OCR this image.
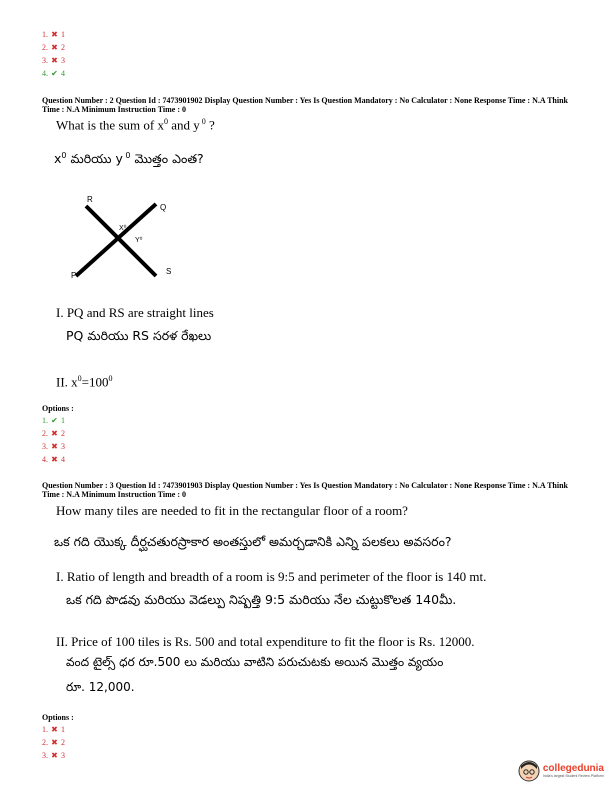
1. ✖ 1
2. ✖ 2
3. ✖ 3
4. ✔ 4
Question Number : 2 Question Id : 7473901902 Display Question Number : Yes Is Question Mandatory : No Calculator : None Response Time : N.A Think Time : N.A Minimum Instruction Time : 0
What is the sum of $x^0$ and y $^0$ ?
$x^0$ మరియు y $^0$ మొత్తం ఎంత?
R
Q
P	S
X⁰
Y⁰
I. PQ and RS are straight lines
PQ మరియు RS సరళ రేఖలు
II. $x^0=100^0$
Options :
1. ✔ 1
2. ✖ 2
3. ✖ 3
4. ✖ 4
Question Number : 3 Question Id : 7473901903 Display Question Number : Yes Is Question Mandatory : No Calculator : None Response Time : N.A Think Time : N.A Minimum Instruction Time : 0
How many tiles are needed to fit in the rectangular floor of a room?
ఒక గది యొక్క దీర్ఘచతురస్రాకార అంతస్తులో అమర్చడానికి ఎన్ని పలకలు అవసరం?
I. Ratio of length and breadth of a room is 9:5 and perimeter of the floor is 140 mt.
ఒక గది పొడవు మరియు వెడల్పు నిష్పత్తి 9:5 మరియు నేల చుట్టుకొలత 140మీ.
II. Price of 100 tiles is Rs. 500 and total expenditure to fit the floor is Rs. 12000.
వంద టైల్స్ ధర రూ.500 లు మరియు వాటిని పరుచుటకు అయిన మొత్తం వ్యయం
రూ. 12,000.
Options :
1. ✖ 1
2. ✖ 2
3. ✖ 3
collegedunia
India's largest Student Review Platform
